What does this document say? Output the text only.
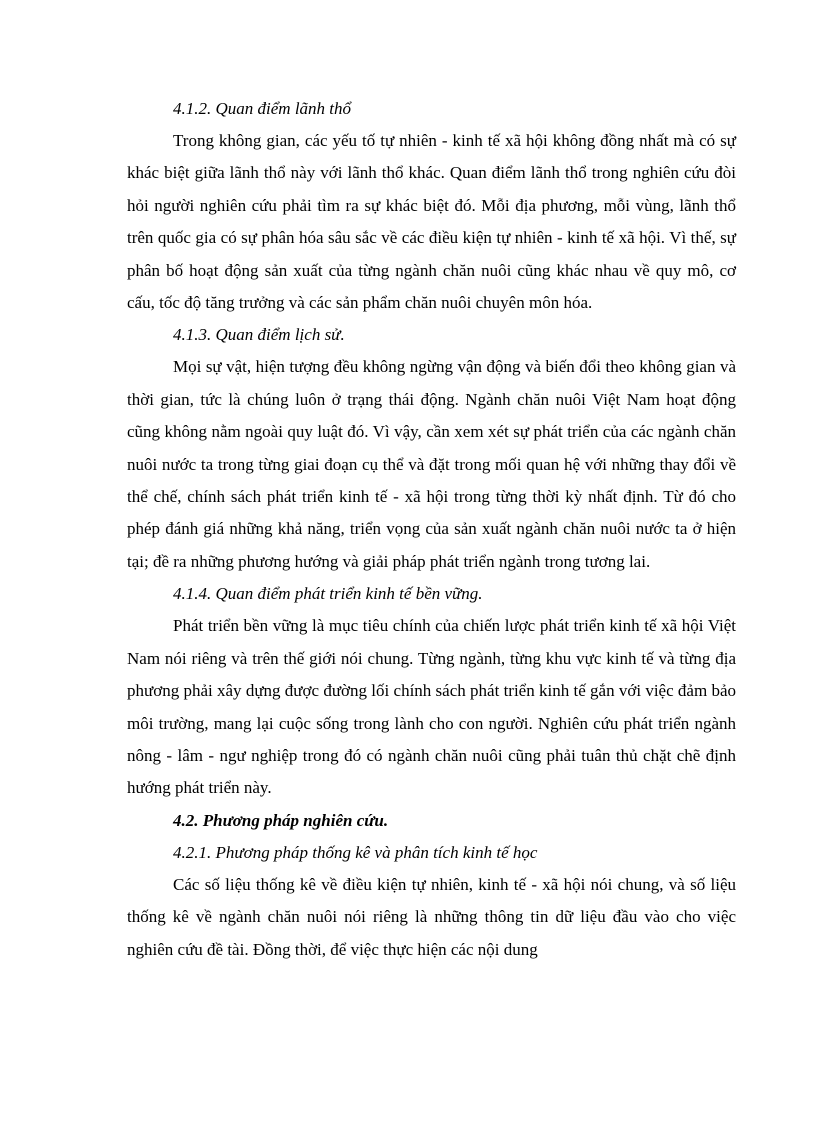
4.1.2. Quan điểm lãnh thổ

Trong không gian, các yếu tố tự nhiên - kinh tế xã hội không đồng nhất mà có sự khác biệt giữa lãnh thổ này với lãnh thổ khác. Quan điểm lãnh thổ trong nghiên cứu đòi hỏi người nghiên cứu phải tìm ra sự khác biệt đó. Mỗi địa phương, mỗi vùng, lãnh thổ trên quốc gia có sự phân hóa sâu sắc về các điều kiện tự nhiên - kinh tế xã hội. Vì thế, sự phân bố hoạt động sản xuất của từng ngành chăn nuôi cũng khác nhau về quy mô, cơ cấu, tốc độ tăng trưởng và các sản phẩm chăn nuôi chuyên môn hóa.

4.1.3. Quan điểm lịch sử.

Mọi sự vật, hiện tượng đều không ngừng vận động và biến đổi theo không gian và thời gian, tức là chúng luôn ở trạng thái động. Ngành chăn nuôi Việt Nam hoạt động cũng không nằm ngoài quy luật đó. Vì vậy, cần xem xét sự phát triển của các ngành chăn nuôi nước ta trong từng giai đoạn cụ thể và đặt trong mối quan hệ với những thay đổi về thể chế, chính sách phát triển kinh tế - xã hội trong từng thời kỳ nhất định. Từ đó cho phép đánh giá những khả năng, triển vọng của sản xuất ngành chăn nuôi nước ta ở hiện tại; đề ra những phương hướng và giải pháp phát triển ngành trong tương lai.

4.1.4. Quan điểm phát triển kinh tế bền vững.

Phát triển bền vững là mục tiêu chính của chiến lược phát triển kinh tế xã hội Việt Nam nói riêng và trên thế giới nói chung. Từng ngành, từng khu vực kinh tế và từng địa phương phải xây dựng được đường lối chính sách phát triển kinh tế gắn với việc đảm bảo môi trường, mang lại cuộc sống trong lành cho con người. Nghiên cứu phát triển ngành nông - lâm - ngư nghiệp trong đó có ngành chăn nuôi cũng phải tuân thủ chặt chẽ định hướng phát triển này.

4.2. Phương pháp nghiên cứu.

4.2.1. Phương pháp thống kê và phân tích kinh tế học

Các số liệu thống kê về điều kiện tự nhiên, kinh tế - xã hội nói chung, và số liệu thống kê về ngành chăn nuôi nói riêng là những thông tin dữ liệu đầu vào cho việc nghiên cứu đề tài. Đồng thời, để việc thực hiện các nội dung
